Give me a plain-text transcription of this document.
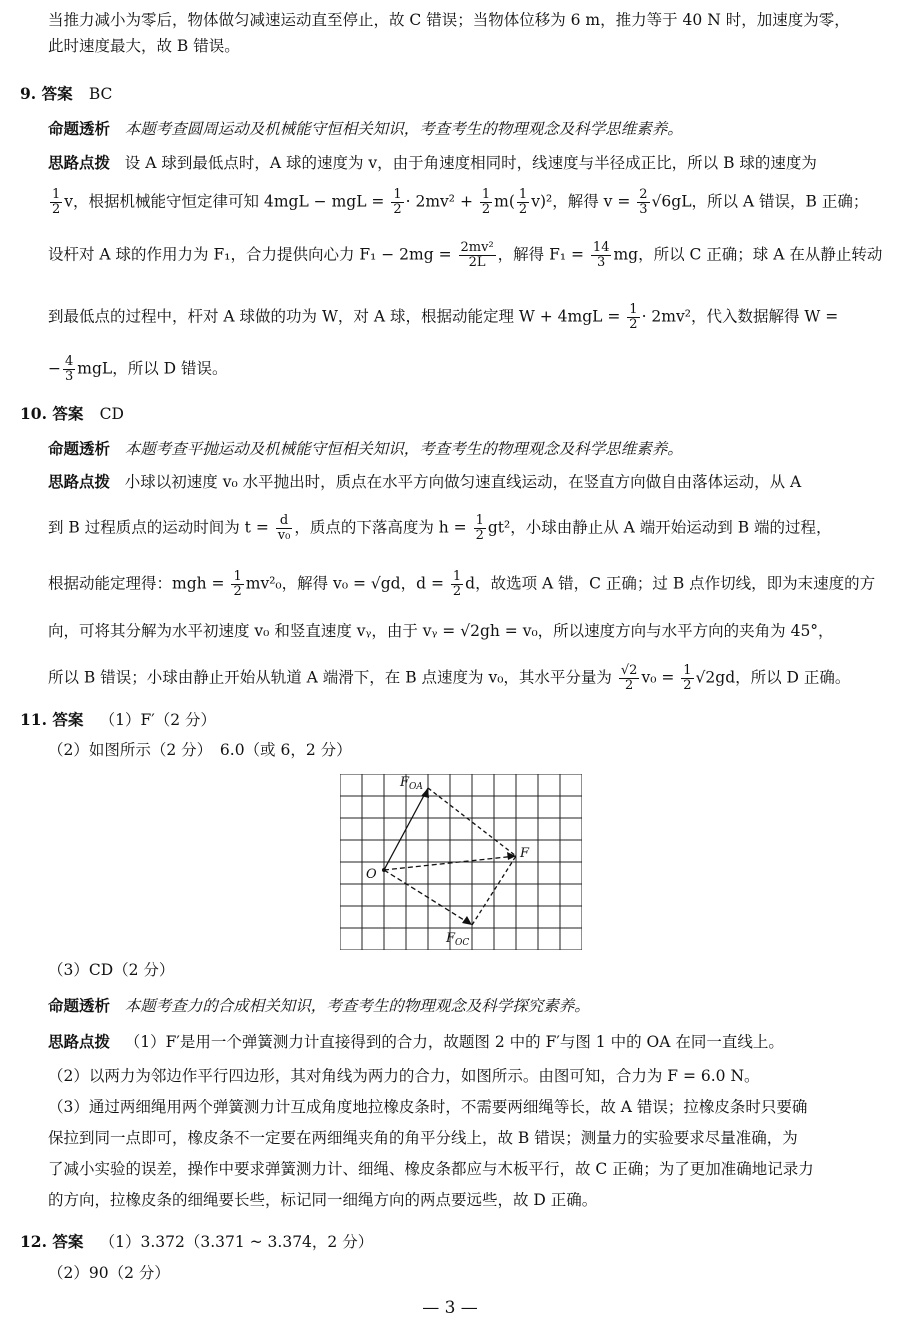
当推力减小为零后，物体做匀减速运动直至停止，故 C 错误；当物体位移为 6 m，推力等于 40 N 时，加速度为零，
此时速度最大，故 B 错误。
9. 答案 BC
命题透析 本题考查圆周运动及机械能守恒相关知识，考查考生的物理观念及科学思维素养。
思路点拨 设 A 球到最低点时，A 球的速度为 v，由于角速度相同时，线速度与半径成正比，所以 B 球的速度为
$\frac{1}{2}$ v，根据机械能守恒定律可知 4mgL − mgL = $\frac{1}{2} \cdot 2mv^2 + \frac{1}{2} m( \frac{1}{2} v)^2$，解得 $v = \frac{2}{3} √6gL$，所以 A 错误，B 正确；
设杆对 A 球的作用力为 F₁，合力提供向心力 $F_1 - 2mg = \frac{\text{2mv²}}{2L}$ ，解得 $F_1 = \frac{14}{3}$ mg，所以 C 正确；球 A 在从静止转动
到最低点的过程中，杆对 A 球做的功为 W，对 A 球，根据动能定理 $W + 4mgL = \frac{1}{2} \cdot 2mv^2$，代入数据解得 W =
− $\frac{4}{3}$ mgL，所以 D 错误。
10. 答案 CD
命题透析 本题考查平抛运动及机械能守恒相关知识，考查考生的物理观念及科学思维素养。
思路点拨 小球以初速度 v₀ 水平抛出时，质点在水平方向做匀速直线运动，在竖直方向做自由落体运动，从 A
到 B 过程质点的运动时间为 $t = \frac{d}{\text{v₀}}$ ，质点的下落高度为 $h = \frac{1}{2} gt^2$，小球由静止从 A 端开始运动到 B 端的过程，
根据动能定理得：mgh = $\frac{1}{2} mv^2_0$，解得 v₀ = √gd，$d = \frac{1}{2}$ d，故选项 A 错，C 正确；过 B 点作切线，即为末速度的方
向，可将其分解为水平初速度 v₀ 和竖直速度 vᵧ，由于 vᵧ = √2gh = v₀，所以速度方向与水平方向的夹角为 45°，
所以 B 错误；小球由静止开始从轨道 A 端滑下，在 B 点速度为 v₀，其水平分量为 $\frac{√2}{2} v_0 = \frac{1}{2} √2gd$，所以 D 正确。
11. 答案 （1）F′（2 分）
（2）如图所示（2 分）　6.0（或 6，2 分）
O
$F_{OA}$
F
$F_{OC}$
（3）CD（2 分）
命题透析 本题考查力的合成相关知识，考查考生的物理观念及科学探究素养。
思路点拨 （1）F′是用一个弹簧测力计直接得到的合力，故题图 2 中的 F′与图 1 中的 OA 在同一直线上。
（2）以两力为邻边作平行四边形，其对角线为两力的合力，如图所示。由图可知，合力为 F = 6.0 N。
（3）通过两细绳用两个弹簧测力计互成角度地拉橡皮条时，不需要两细绳等长，故 A 错误；拉橡皮条时只要确
保拉到同一点即可，橡皮条不一定要在两细绳夹角的角平分线上，故 B 错误；测量力的实验要求尽量准确，为
了减小实验的误差，操作中要求弹簧测力计、细绳、橡皮条都应与木板平行，故 C 正确；为了更加准确地记录力
的方向，拉橡皮条的细绳要长些，标记同一细绳方向的两点要远些，故 D 正确。
12. 答案 （1）3.372（3.371 ~ 3.374，2 分）
（2）90（2 分）
— 3 —
